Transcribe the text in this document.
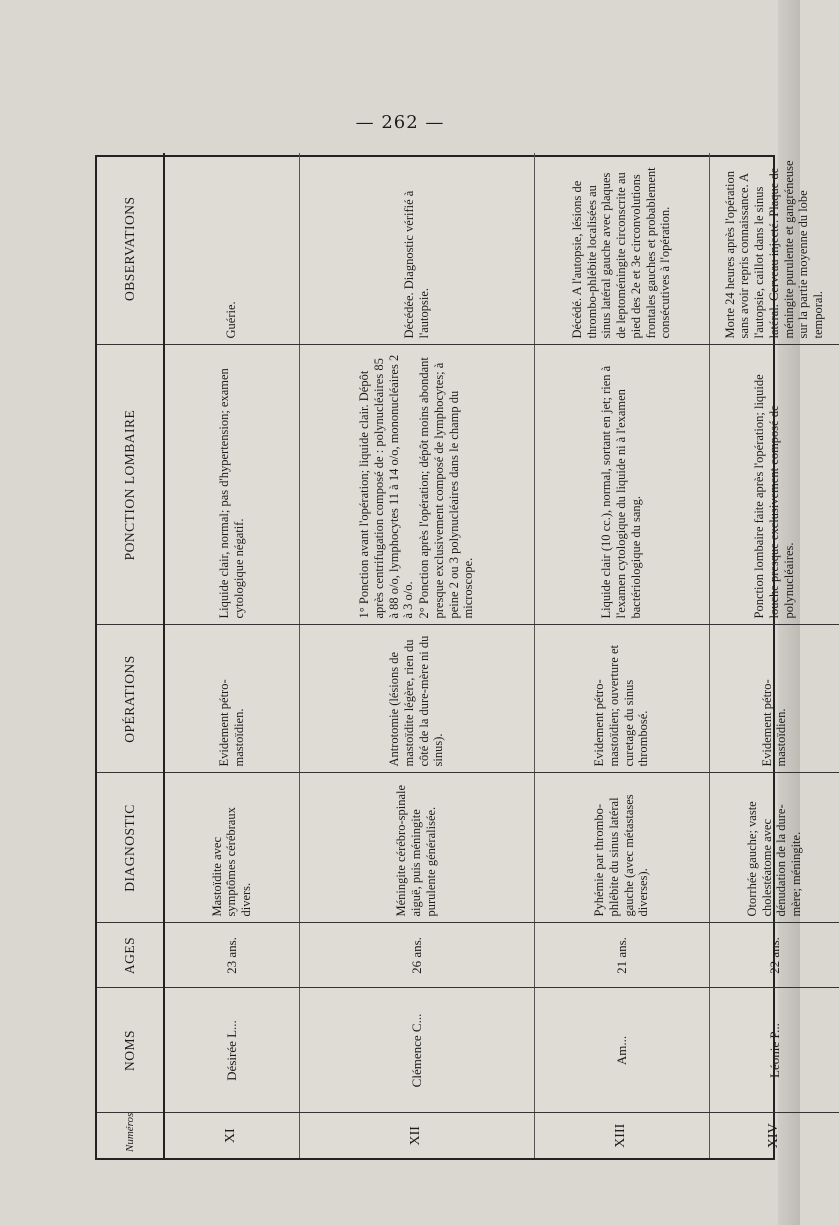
— 262 —
Numéros	NOMS	AGES	DIAGNOSTIC	OPÉRATIONS	PONCTION LOMBAIRE	OBSERVATIONS
XI	Désirée L...	23 ans.	Mastoïdite avec symptômes cérébraux divers.	Evidement pétro-mastoïdien.	Liquide clair, normal; pas d'hypertension; examen cytologique négatif.	Guérie.
XII	Clémence C...	26 ans.	Méningite cérébro-spinale aiguë, puis méningite purulente généralisée.	Antrotomie (lésions de mastoïdite légère, rien du côté de la dure-mère ni du sinus).	1° Ponction avant l'opération; liquide clair. Dépôt après centrifugation composé de : polynucléaires 85 à 88 o/o, lymphocytes 11 à 14 o/o, mononucléaires 2 à 3 o/o. 2° Ponction après l'opération; dépôt moins abondant presque exclusivement composé de lymphocytes; à peine 2 ou 3 polynucléaires dans le champ du microscope.	Décédée. Diagnostic vérifié à l'autopsie.
XIII	Am...	21 ans.	Pyhémie par thrombo-phlébite du sinus latéral gauche (avec métastases diverses).	Evidement pétro-mastoïdien; ouverture et curetage du sinus thrombosé.	Liquide clair (10 cc.), normal, sortant en jet; rien à l'examen cytologique du liquide ni à l'examen bactériologique du sang.	Décédé. A l'autopsie, lésions de thrombo-phlébite localisées au sinus latéral gauche avec plaques de leptoméningite circonscrite au pied des 2e et 3e circonvolutions frontales gauches et probablement consécutives à l'opération.
XIV	Léonie P...	22 ans.	Otorrhée gauche; vaste cholestéatome avec dénudation de la dure-mère; méningite.	Evidement pétro-mastoïdien.	Ponction lombaire faite après l'opération; liquide louche presque exclusivement composé de polynucléaires.	Morte 24 heures après l'opération sans avoir repris connaissance. A l'autopsie, caillot dans le sinus latéral. Cerveau injecté. Plaque de méningite purulente et gangréneuse sur la partie moyenne du lobe temporal.
